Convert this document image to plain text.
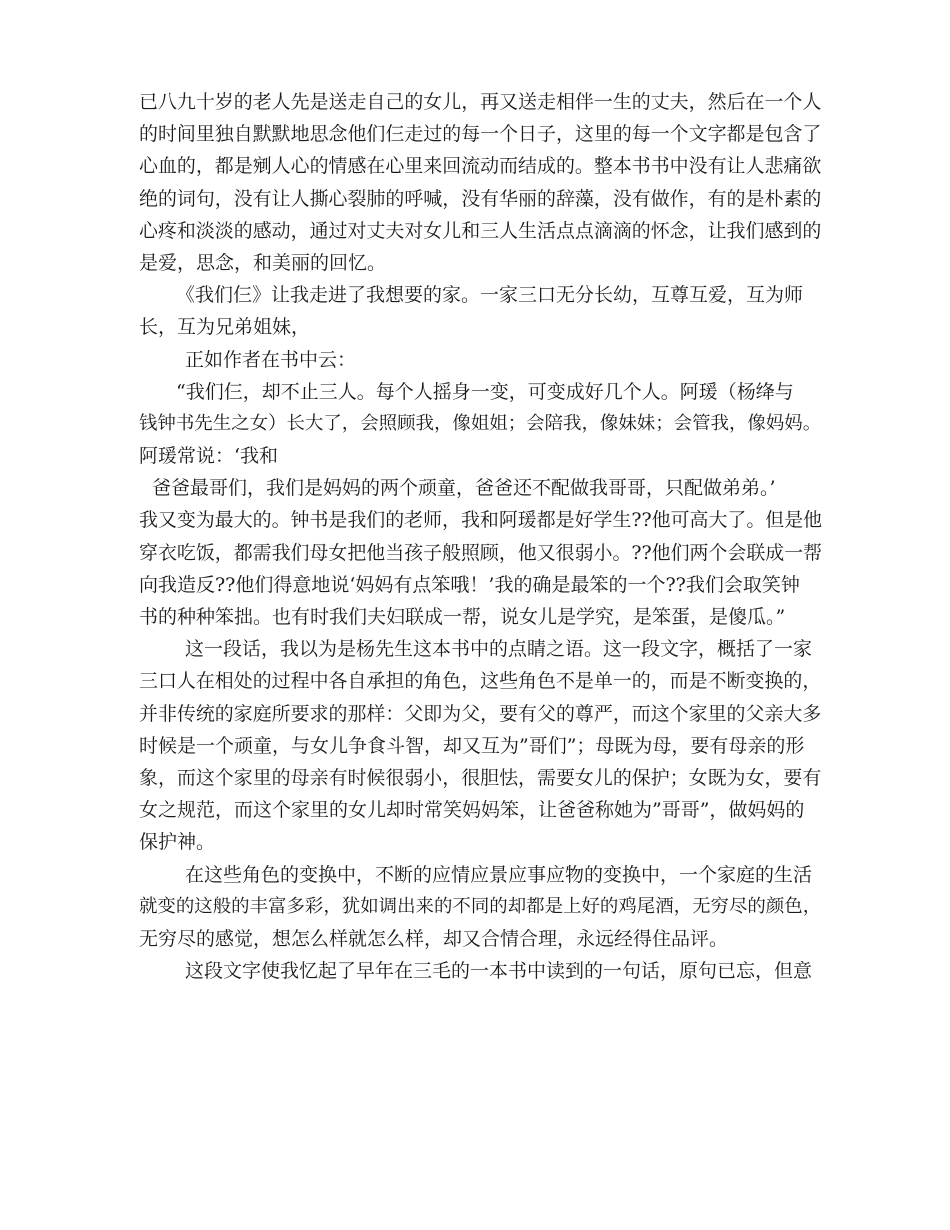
已八九十岁的老人先是送走自己的女儿，再又送走相伴一生的丈夫，然后在一个人

的时间里独自默默地思念他们仨走过的每一个日子，这里的每一个文字都是包含了

心血的，都是剜人心的情感在心里来回流动而结成的。整本书书中没有让人悲痛欲

绝的词句，没有让人撕心裂肺的呼喊，没有华丽的辞藻，没有做作，有的是朴素的

心疼和淡淡的感动，通过对丈夫对女儿和三人生活点点滴滴的怀念，让我们感到的

是爱，思念，和美丽的回忆。

《我们仨》让我走进了我想要的家。一家三口无分长幼，互尊互爱，互为师

长，互为兄弟姐妹，

正如作者在书中云：

“我们仨，却不止三人。每个人摇身一变，可变成好几个人。阿瑗（杨绛与

钱钟书先生之女）长大了，会照顾我，像姐姐；会陪我，像妹妹；会管我，像妈妈。

阿瑗常说：‘我和

爸爸最哥们，我们是妈妈的两个顽童，爸爸还不配做我哥哥，只配做弟弟。’

我又变为最大的。钟书是我们的老师，我和阿瑗都是好学生??他可高大了。但是他

穿衣吃饭，都需我们母女把他当孩子般照顾，他又很弱小。??他们两个会联成一帮

向我造反??他们得意地说‘妈妈有点笨哦！’我的确是最笨的一个??我们会取笑钟

书的种种笨拙。也有时我们夫妇联成一帮，说女儿是学究，是笨蛋，是傻瓜。”

这一段话，我以为是杨先生这本书中的点睛之语。这一段文字，概括了一家

三口人在相处的过程中各自承担的角色，这些角色不是单一的，而是不断变换的，

并非传统的家庭所要求的那样：父即为父，要有父的尊严，而这个家里的父亲大多

时候是一个顽童，与女儿争食斗智，却又互为”哥们”；母既为母，要有母亲的形

象，而这个家里的母亲有时候很弱小，很胆怯，需要女儿的保护；女既为女，要有

女之规范，而这个家里的女儿却时常笑妈妈笨，让爸爸称她为”哥哥”，做妈妈的

保护神。

在这些角色的变换中，不断的应情应景应事应物的变换中，一个家庭的生活

就变的这般的丰富多彩，犹如调出来的不同的却都是上好的鸡尾酒，无穷尽的颜色，

无穷尽的感觉，想怎么样就怎么样，却又合情合理，永远经得住品评。

这段文字使我忆起了早年在三毛的一本书中读到的一句话，原句已忘，但意
